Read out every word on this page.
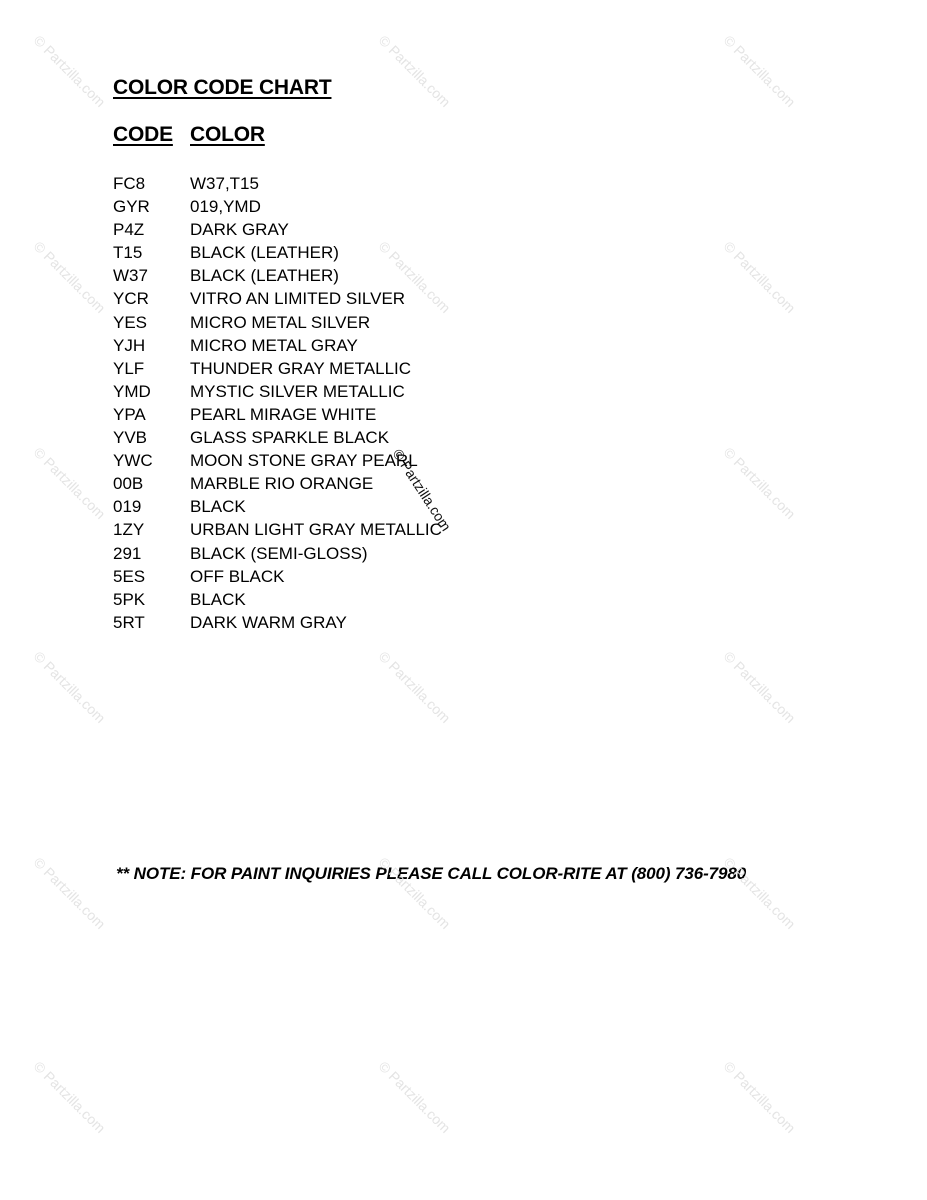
COLOR CODE CHART
CODE COLOR
FC8	W37,T15
GYR 019,YMD
P4Z	DARK GRAY
T15	BLACK (LEATHER)
W37 BLACK (LEATHER)
YCR VITRO AN LIMITED SILVER
YES	MICRO METAL SILVER
YJH	MICRO METAL GRAY
YLF	THUNDER GRAY METALLIC
YMD MYSTIC SILVER METALLIC
YPA	PEARL MIRAGE WHITE
YVB	GLASS SPARKLE BLACK
YWC MOON STONE GRAY PEARL
00B	MARBLE RIO ORANGE
019	BLACK
1ZY	URBAN LIGHT GRAY METALLIC
291	BLACK (SEMI-GLOSS)
5ES	OFF BLACK
5PK	BLACK
5RT	DARK WARM GRAY
** NOTE: FOR PAINT INQUIRIES PLEASE CALL COLOR-RITE AT (800) 736-7980
© Partzilla.com	© Partzilla.com	© Partzilla.com
© Partzilla.com	© Partzilla.com	© Partzilla.com
© Partzilla.com	© Partzilla.com
© Partzilla.com	© Partzilla.com	© Partzilla.com
© Partzilla.com	© Partzilla.com	© Partzilla.com
© Partzilla.com	© Partzilla.com	© Partzilla.com
© Partzilla.com
